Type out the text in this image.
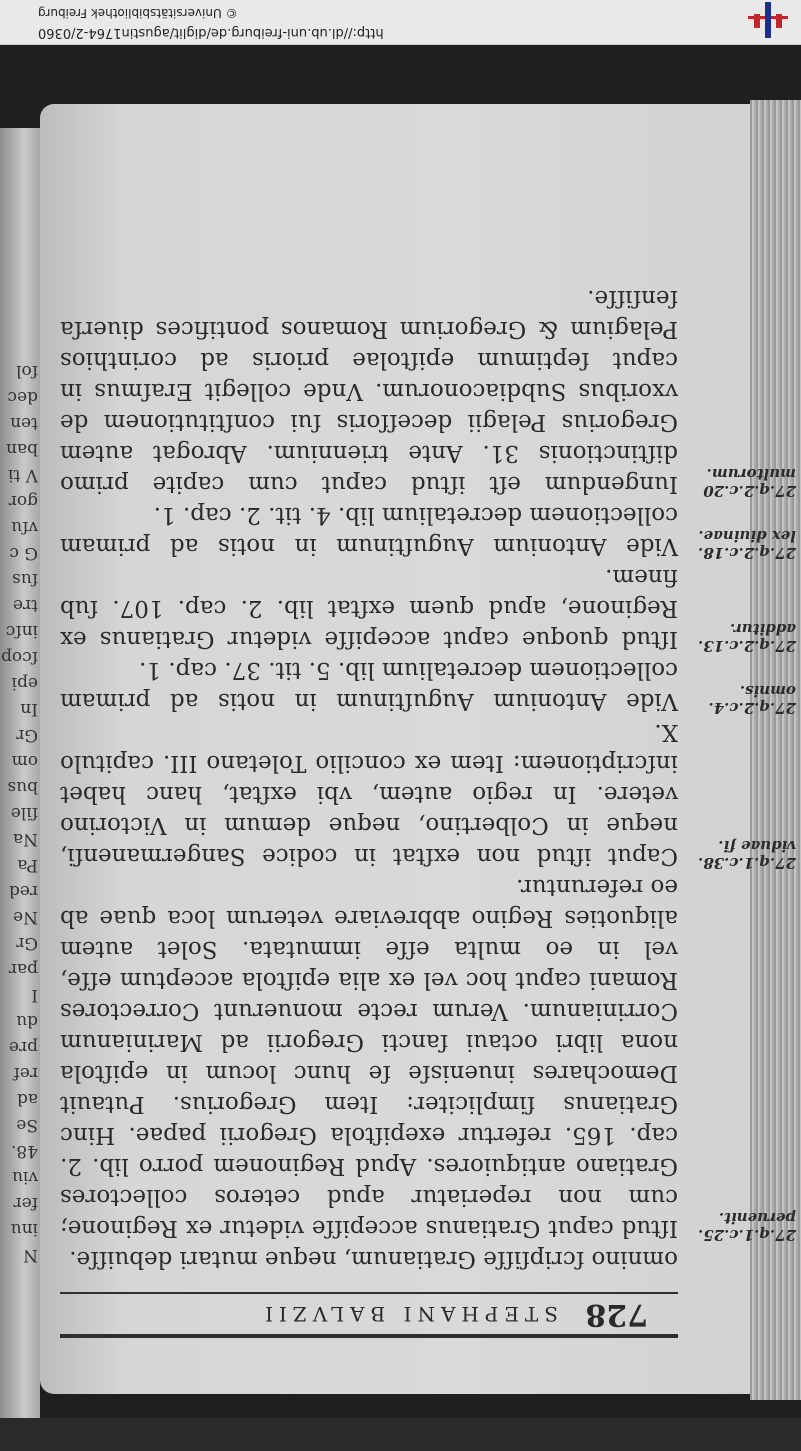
http://dl.ub.uni-freiburg.de/diglit/agustin1764-2/0360
© Universitätsbibliothek Freiburg
N
inu
fer
viu
48.
Se
ad
ref
pre
du
I
par
Gr
Ne
red
Pa
Na
ſile
bus
om
Gr
In
epi
ſcop
inſc
tre
ſus
G c
vſu
gor
V ti
ban
ten
dec
ſol
728
STEPHANI BALVZII

omnino ſcripſiſſe Gratianum, neque mutari debuiſſe.

27.q.1.c.25.
peruenit.
Iſtud caput Gratianus accepiſſe videtur ex Reginone; cum non reperiatur apud ceteros collectores Gratiano antiquiores. Apud Reginonem porro lib. 2. cap. 165. refertur exepiſtola Gregorii papae. Hinc Gratianus ſimpliciter: Item Gregorius. Putauit Demochares inuenisſe ſe hunc locum in epiſtola nona libri octaui ſancti Gregorii ad Marinianum Corrinianum. Verum recte monuerunt Correctores Romani caput hoc vel ex alia epiſtola acceptum eſſe, vel in eo multa eſſe immutata. Solet autem aliquoties Regino abbreviare veterum loca quae ab eo referuntur.

27.q.1.c.38.
viduae ſi.
Caput iſtud non exſtat in codice Sangermanenſi, neque in Colbertino, neque demum in Victorino vetere. In regio autem, vbi exſtat, hanc habet inſcriptionem: Item ex concilio Toletano III. capitulo X.

27.q.2.c.4.
omnis.
Vide Antonium Auguſtinum in notis ad primam collectionem decretalium lib. 5. tit. 37. cap. 1.

27.q.2.c.13.
additur.
Iſtud quoque caput accepiſſe videtur Gratianus ex Reginone, apud quem exſtat lib. 2. cap. 107. ſub finem.

27.q.2.c.18.
lex diuinae.
Vide Antonium Auguſtinum in notis ad primam collectionem decretalium lib. 4. tit. 2. cap. 1.

27.q.2.c.20
multorum.
Iungendum eſt iſtud caput cum capite primo diſtinctionis 31. Ante triennium. Abrogat autem Gregorius Pelagii deceſſoris ſui conſtitutionem de vxoribus Subdiaconorum. Vnde collegit Eraſmus in caput ſeptimum epiſtolae prioris ad corinthios Pelagium & Gregorium Romanos pontifices diuerſa ſenſiſſe.
